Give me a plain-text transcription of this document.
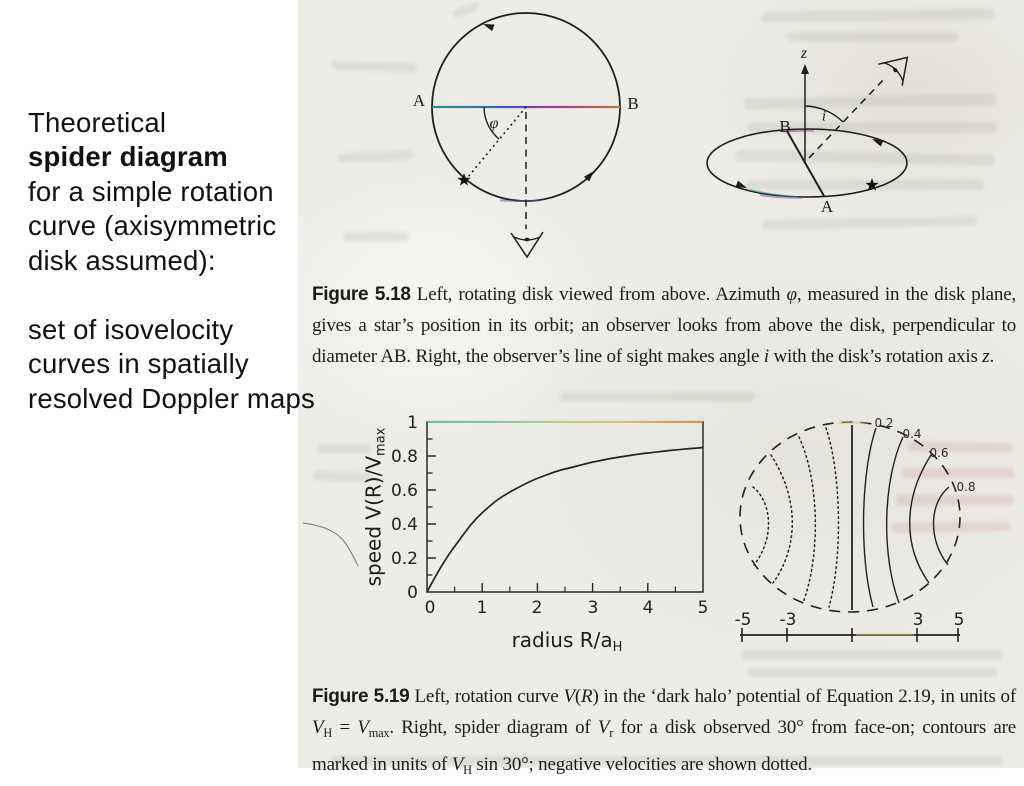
A	B
φ
z
i
B
A
1
0.8
0.6
0.4
0.2
0
0 1	2	3	4	5
speed $V(R)/V_{max}$
radius $R/a_H$
0.2
0.4
0.6
0.8
-5 -3	3 5
Figure 5.18 Left, rotating disk viewed from above. Azimuth φ, measured in the disk plane, gives a star’s position in its orbit; an observer looks from above the disk, perpendicular to diameter AB. Right, the observer’s line of sight makes angle i with the disk’s rotation axis z.
Figure 5.19 Left, rotation curve V(R) in the ‘dark halo’ potential of Equation 2.19, in units of $V_H = V_{max}$. Right, spider diagram of $V_r$ for a disk observed 30° from face-on; contours are marked in units of $V_H$ sin 30°; negative velocities are shown dotted.
Theoretical
spider diagram
for a simple rotation
curve (axisymmetric
disk assumed):
set of isovelocity
curves in spatially
resolved Doppler maps
